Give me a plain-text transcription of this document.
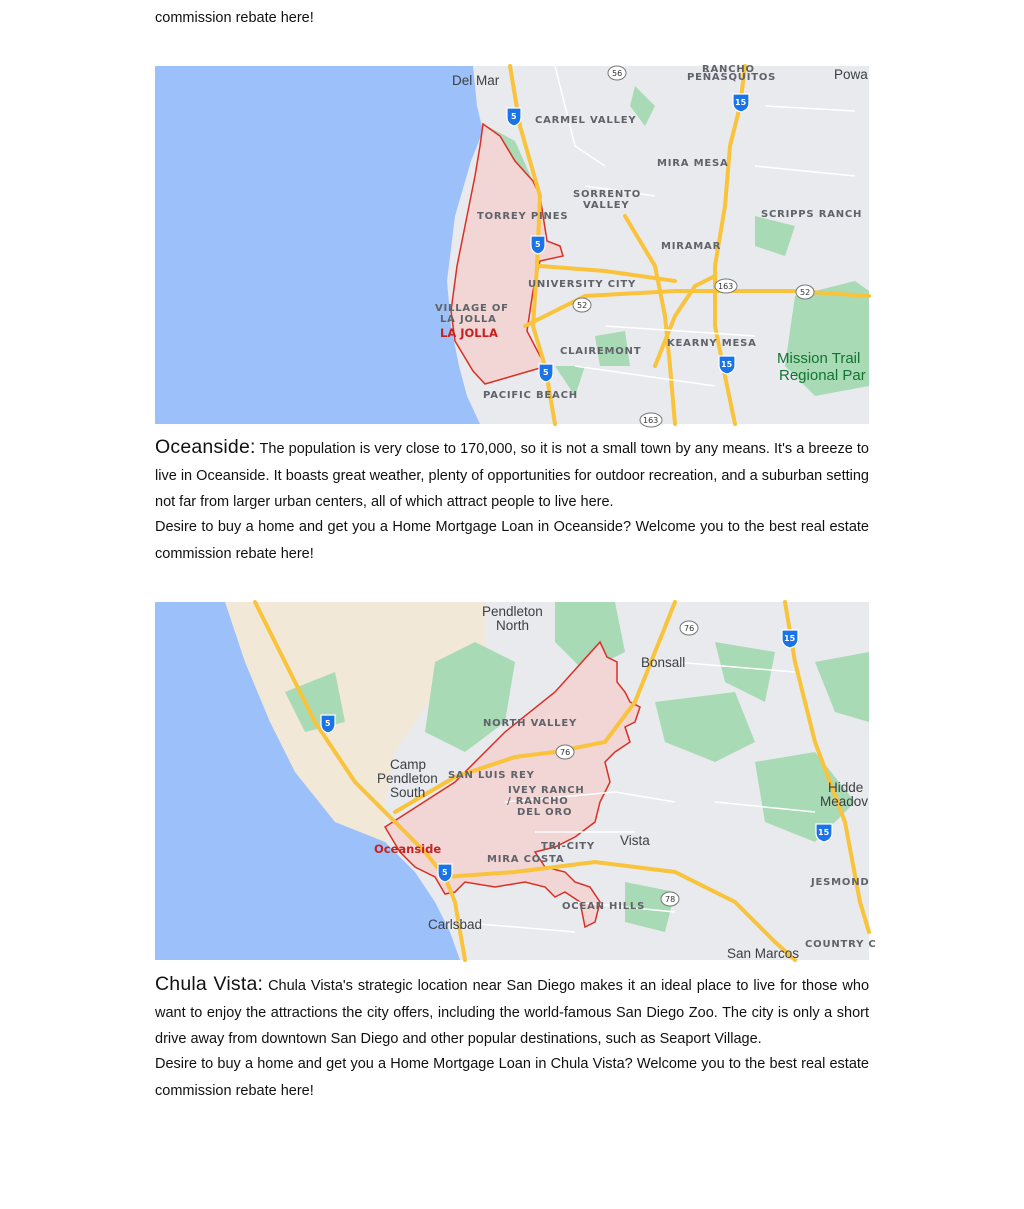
commission rebate here!

Del Mar
RANCHO
PEÑASQUITOS	Powa
CARMEL VALLEY
MIRA MESA
SORRENTO
VALLEY
SCRIPPS RANCH
TORREY PINES
MIRAMAR
UNIVERSITY CITY
VILLAGE OF
LA JOLLA
LA JOLLA
CLAIREMONT
KEARNY MESA
Mission Trail
Regional Par
PACIFIC BEACH
5
5
5
15
15
56
52
52
163
163

Oceanside: The population is very close to 170,000, so it is not a small town by any means. It's a breeze to live in Oceanside. It boasts great weather, plenty of opportunities for outdoor recreation, and a suburban setting not far from larger urban centers, all of which attract people to live here.

Desire to buy a home and get you a Home Mortgage Loan in Oceanside? Welcome you to the best real estate commission rebate here!

Pendleton
North
Bonsall
NORTH VALLEY
Camp
Pendleton
South
SAN LUIS REY
IVEY RANCH
/ RANCHO
DEL ORO
Hidde
Meadov
Oceanside	TRI-CITY Vista
MIRA COSTA
JESMOND
OCEAN HILLS
Carlsbad
COUNTRY C
San Marcos
5
5
15
15
76
76
78

Chula Vista: Chula Vista's strategic location near San Diego makes it an ideal place to live for those who want to enjoy the attractions the city offers, including the world-famous San Diego Zoo. The city is only a short drive away from downtown San Diego and other popular destinations, such as Seaport Village.

Desire to buy a home and get you a Home Mortgage Loan in Chula Vista? Welcome you to the best real estate commission rebate here!
